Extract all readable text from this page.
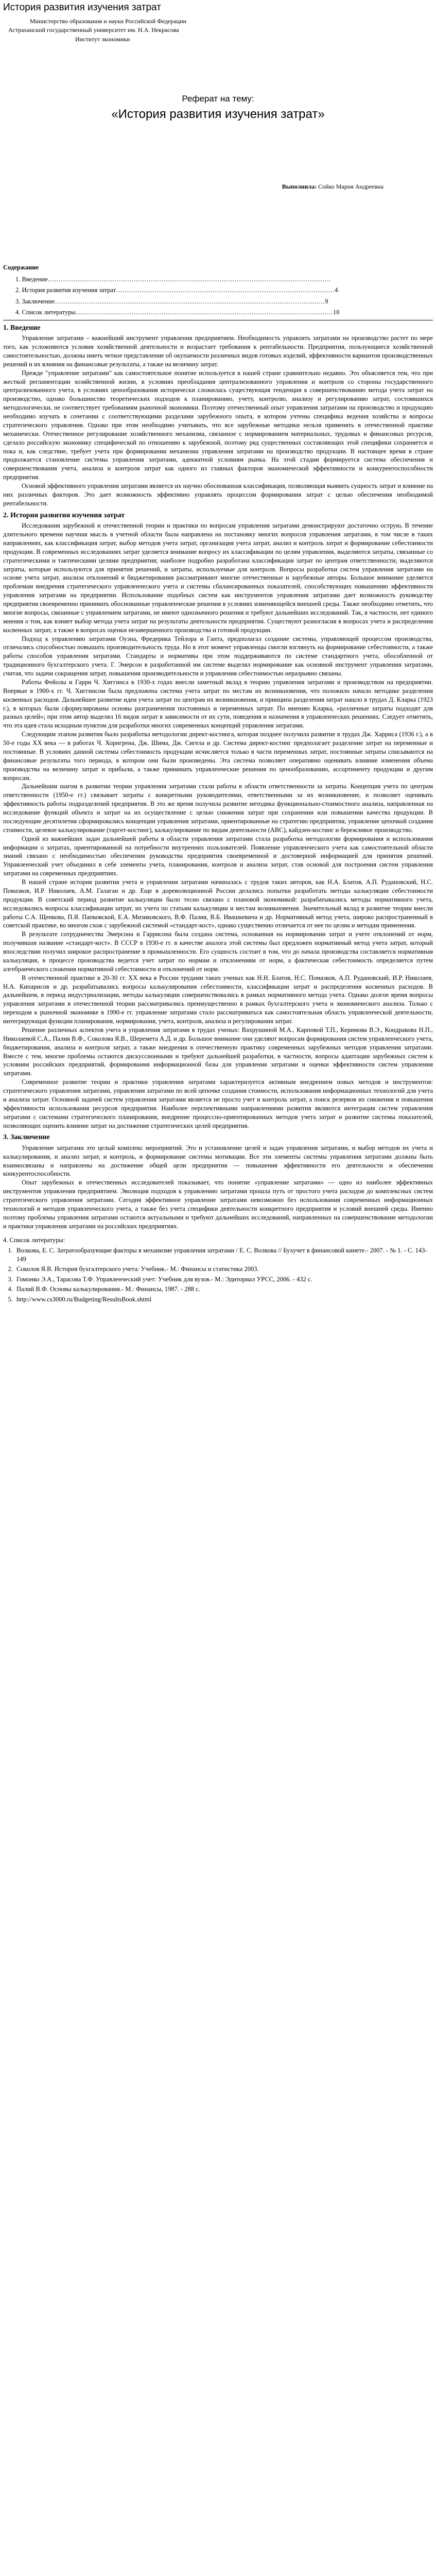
История развития изучения затрат

Министерство образования и науки Российской Федерации

Астраханский государственный университет им. Н.А. Некрасова

Институт экономики

Реферат на тему:

«История развития изучения затрат»

Выполнила: Сойко Мария Андреевна

Содержание
1. Введение……………………………………………………………………………………………………………………
2. История развития изучения затрат…………………………………………………………………………………………4
3. Заключение………………………………………………………………………………………………………………9
4. Список литературы…………………………………………………………………………………………………………10
1. Введение

Управление затратами – важнейший инструмент управления предприятием. Необходимость управлять затратами на производство растет по мере того, как усложняются условия хозяйственной деятельности и возрастает требования к рентабельности. Предприятия, пользующиеся хозяйственной самостоятельностью, должны иметь четкое представление об окупаемости различных видов готовых изделий, эффективности вариантов производственных решений и их влияния на финансовые результаты, а также на величину затрат.

Прежде "управление затратами" как самостоятельное понятие используется в нашей стране сравнительно недавно. Это объясняется тем, что при жесткой регламентации хозяйственной жизни, в условиях преобладания централизованного управления и контроля со стороны государственного централизованного учета, в условиях ценообразования исторически сложилась существующая тенденция к совершенствованию метода учета затрат на производство, однако большинство теоретических подходов к планированию, учету, контролю, анализу и регулированию затрат, состоявшихся методологически, не соответствует требованиям рыночной экономики. Поэтому отечественный опыт управления затратами на производство и продукцию необходимо изучать в сочетании с соответствующими разделами зарубежного опыта, в котором учтены специфика ведения хозяйства и вопросы стратегического управления. Однако при этом необходимо учитывать, что все зарубежные методики нельзя применять в отечественной практике механически. Отечественное регулирование хозяйственного механизма, связанное с нормированием материальных, трудовых и финансовых ресурсов, сделало российскую экономику специфической по отношению к зарубежной, поэтому ряд существенных составляющих этой специфики сохраняется и пока и, как следствие, требует учета при формировании механизма управления затратами на производство продукции. В настоящее время в стране продолжается становление системы управления затратами, адекватной условиям рынка. На этой стадии формируется система обеспечения и совершенствования учета, анализа и контроля затрат как одного из главных факторов экономической эффективности и конкурентоспособности предприятия.

Основой эффективного управления затратами является их научно обоснованная классификация, позволяющая выявить сущность затрат и влияние на них различных факторов. Это дает возможность эффективно управлять процессом формирования затрат с целью обеспечения необходимой рентабельности.

2. История развития изучения затрат

Исследования зарубежной и отечественной теории и практики по вопросам управления затратами демонстрируют достаточно острую, В течение длительного времени научная мысль в учетной области была направлена на постановку многих вопросов управления затратами, в том числе в таких направлениях, как классификация затрат, выбор методов учета затрат, организация учета затрат, анализ и контроль затрат и формирование себестоимости продукции. В современных исследованиях затрат уделяется внимание вопросу их классификации по целям управления, выделяются затраты, связанные со стратегическими и тактическими целями предприятия; наиболее подробно разработана классификация затрат по центрам ответственности; выделяются затраты, которые используются для принятия решений, и затраты, используемые для контроля. Вопросы разработки систем управления затратами на основе учета затрат, анализа отклонений и бюджетирования рассматривают многие отечественные и зарубежные авторы. Большое внимание уделяется проблемам внедрения стратегического управленческого учета и системы сбалансированных показателей, способствующих повышению эффективности управления затратами на предприятии. Использование подобных систем как инструментов управления затратами дает возможность руководству предприятия своевременно принимать обоснованные управленческие решения в условиях изменяющейся внешней среды. Также необходимо отметить, что многие вопросы, связанные с управлением затратами, не имеют однозначного решения и требуют дальнейших исследований. Так, в частности, нет единого мнения о том, как влияет выбор метода учета затрат на результаты деятельности предприятия. Существуют разногласия в вопросах учета и распределения косвенных затрат, а также в вопросах оценки незавершенного производства и готовой продукции.

Подход к управлению затратами Оуэна, Фредерика Тейлора и Ганта, предполагал создание системы, управляющей процессом производства, отличались способностью повышать производительность труда. Но в этот момент управленцы смогли взглянуть на формирование себестоимости, а также работы способов управления затратами. Стандарты и нормативы при этом поддерживаются по системе стандартного учета, обособленной от традиционного бухгалтерского учета. Г. Эмерсон в разработанной им системе выделял нормирование как основной инструмент управления затратами, считая, что задачи сокращения затрат, повышения производительности и управления себестоимостью неразрывно связаны.

Работы Фейолы и Гарри Ч. Хиггинса в 1930-х годах внесли заметный вклад в теорию управления затратами и производством на предприятии. Впервые в 1900-х гг. Ч. Хиггинсом была предложена система учета затрат по местам их возникновения, что положило начало методике разделения косвенных расходов. Дальнейшее развитие идеи учета затрат по центрам их возникновения, и принципа разделения затрат нашло в трудах Д. Кларка (1923 г.), в которых были сформулированы основы разграничения постоянных и переменных затрат. По мнению Кларка, «различные затраты подходят для разных целей»; при этом автор выделял 16 видов затрат в зависимости от их сути, поведения и назначения в управленческих решениях. Следует отметить, что эта идея стала исходным пунктом для разработки многих современных концепций управления затратами.

Следующим этапом развития было разработка методологии директ-костинга, которая позднее получила развитие в трудах Дж. Харриса (1936 г.), а в 50-е годы XX века — в работах Ч. Хорнгрена, Дж. Шима, Дж. Сигела и др. Система директ-костинг предполагает разделение затрат на переменные и постоянные. В условиях данной системы себестоимость продукции исчисляется только в части переменных затрат, постоянные затраты списываются на финансовые результаты того периода, в котором они были произведены. Эта система позволяет оперативно оценивать влияние изменения объема производства на величину затрат и прибыли, а также принимать управленческие решения по ценообразованию, ассортименту продукции и другим вопросам.

Дальнейшим шагом в развитии теории управления затратами стали работы в области ответственности за затраты. Концепция учета по центрам ответственности (1950-е гг.) связывает затраты с конкретными руководителями, ответственными за их возникновение, и позволяет оценивать эффективность работы подразделений предприятия. В это же время получила развитие методика функционально-стоимостного анализа, направленная на исследование функций объекта и затрат на их осуществление с целью снижения затрат при сохранении или повышении качества продукции. В последующие десятилетия сформировались концепции управления затратами, ориентированные на стратегию предприятия, управление цепочкой создания стоимости, целевое калькулирование (таргет-костинг), калькулирование по видам деятельности (ABC), кайдзен-костинг и бережливое производство.

Одной из важнейших задач дальнейшей работы в области управления затратами стала разработка методологии формирования и использования информации о затратах, ориентированной на потребности внутренних пользователей. Появление управленческого учета как самостоятельной области знаний связано с необходимостью обеспечения руководства предприятия своевременной и достоверной информацией для принятия решений. Управленческий учет объединил в себе элементы учета, планирования, контроля и анализа затрат, став основой для построения систем управления затратами на современных предприятиях.

В нашей стране история развития учета и управления затратами начиналась с трудов таких авторов, как Н.А. Блатов, А.П. Рудановский, Н.С. Помазков, И.Р. Николаев, А.М. Галаган и др. Еще в дореволюционной России делались попытки разработать методы калькуляции себестоимости продукции. В советский период развитие калькуляции было тесно связано с плановой экономикой: разрабатывались методы нормативного учета, исследовались вопросы классификации затрат, их учета по статьям калькуляции и местам возникновения. Значительный вклад в развитие теории внесли работы С.А. Щенкова, П.Я. Папковской, Е.А. Мизиковского, В.Ф. Палия, В.Б. Ивашкевича и др. Нормативный метод учета, широко распространенный в советской практике, во многом схож с зарубежной системой «стандарт-кост», однако существенно отличается от нее по целям и методам применения.

В результате сотрудничества Эмерсона и Гаррисона была создана система, основанная на нормировании затрат и учете отклонений от норм, получившая название «стандарт-кост». В СССР в 1930-е гг. в качестве аналога этой системы был предложен нормативный метод учета затрат, который впоследствии получил широкое распространение в промышленности. Его сущность состоит в том, что до начала производства составляется нормативная калькуляция, в процессе производства ведется учет затрат по нормам и отклонениям от норм, а фактическая себестоимость определяется путем алгебраического сложения нормативной себестоимости и отклонений от норм.

В отечественной практике в 20-30 гг. XX века в России трудами таких ученых как Н.Н. Блатов, Н.С. Помазков, А.П. Рудановский, И.Р. Николаев, Н.А. Кипарисов и др. разрабатывались вопросы калькулирования себестоимости, классификации затрат и распределения косвенных расходов. В дальнейшем, в период индустриализации, методы калькуляции совершенствовались в рамках нормативного метода учета. Однако долгое время вопросы управления затратами в отечественной теории рассматривались преимущественно в рамках бухгалтерского учета и экономического анализа. Только с переходом к рыночной экономике в 1990-е гг. управление затратами стало рассматриваться как самостоятельная область управленческой деятельности, интегрирующая функции планирования, нормирования, учета, контроля, анализа и регулирования затрат.

Решение различных аспектов учета и управления затратами в трудах ученых: Вахрушиной М.А., Карповой Т.П., Керимова В.Э., Кондракова Н.П., Николаевой С.А., Палия В.Ф., Соколова Я.В., Шеремета А.Д. и др. Большое внимание они уделяют вопросам формирования систем управленческого учета, бюджетирования, анализа и контроля затрат, а также внедрения в отечественную практику современных зарубежных методов управления затратами. Вместе с тем, многие проблемы остаются дискуссионными и требуют дальнейшей разработки, в частности, вопросы адаптации зарубежных систем к условиям российских предприятий, формирования информационной базы для управления затратами и оценки эффективности систем управления затратами.

Современное развитие теории и практики управления затратами характеризуется активным внедрением новых методов и инструментов: стратегического управления затратами, управления затратами по всей цепочке создания стоимости, использования информационных технологий для учета и анализа затрат. Основной задачей систем управления затратами является не просто учет и контроль затрат, а поиск резервов их снижения и повышения эффективности использования ресурсов предприятия. Наиболее перспективными направлениями развития являются интеграция систем управления затратами с системами стратегического планирования, внедрение процессно-ориентированных методов учета затрат и развитие системы показателей, позволяющих оценить влияние затрат на достижение стратегических целей предприятия.

3. Заключение

Управление затратами это целый комплекс мероприятий. Это и установление целей и задач управления затратами, и выбор методов их учета и калькулирования, и анализ затрат, и контроль, и формирование системы мотивации. Все эти элементы системы управления затратами должны быть взаимосвязаны и направлены на достижение общей цели предприятия — повышения эффективности его деятельности и обеспечения конкурентоспособности.

Опыт зарубежных и отечественных исследователей показывает, что понятие «управление затратами» — одно из наиболее эффективных инструментов управления предприятием. Эволюция подходов к управлению затратами прошла путь от простого учета расходов до комплексных систем стратегического управления затратами. Сегодня эффективное управление затратами невозможно без использования современных информационных технологий и методов управленческого учета, а также без учета специфики деятельности конкретного предприятия и условий внешней среды. Именно поэтому проблемы управления затратами остаются актуальными и требуют дальнейших исследований, направленных на совершенствование методологии и практики управления затратами на российских предприятиях.

4. Список литературы:
1. Волкова, Е. С. Затратообразующие факторы в механизме управления затратами / Е. С. Волкова // Бухучет в финансовой кинете.- 2007. - № 1. - С. 143-149
2. Соколов Я.В. История бухгалтерского учета: Учебник.- М.: Финансы и статистика 2003.
3. Гомонко Э.А., Тарасова Т.Ф. Управленческий учет: Учебник для вузов.- М.: Эдиториал УРСС, 2006. - 432 с.
4. Палий В.Ф. Основы калькулирования.- М.: Финансы, 1987. - 288 с.
5. http://www.cs3000.ru/Budgeting/ResultsBook.shtml
